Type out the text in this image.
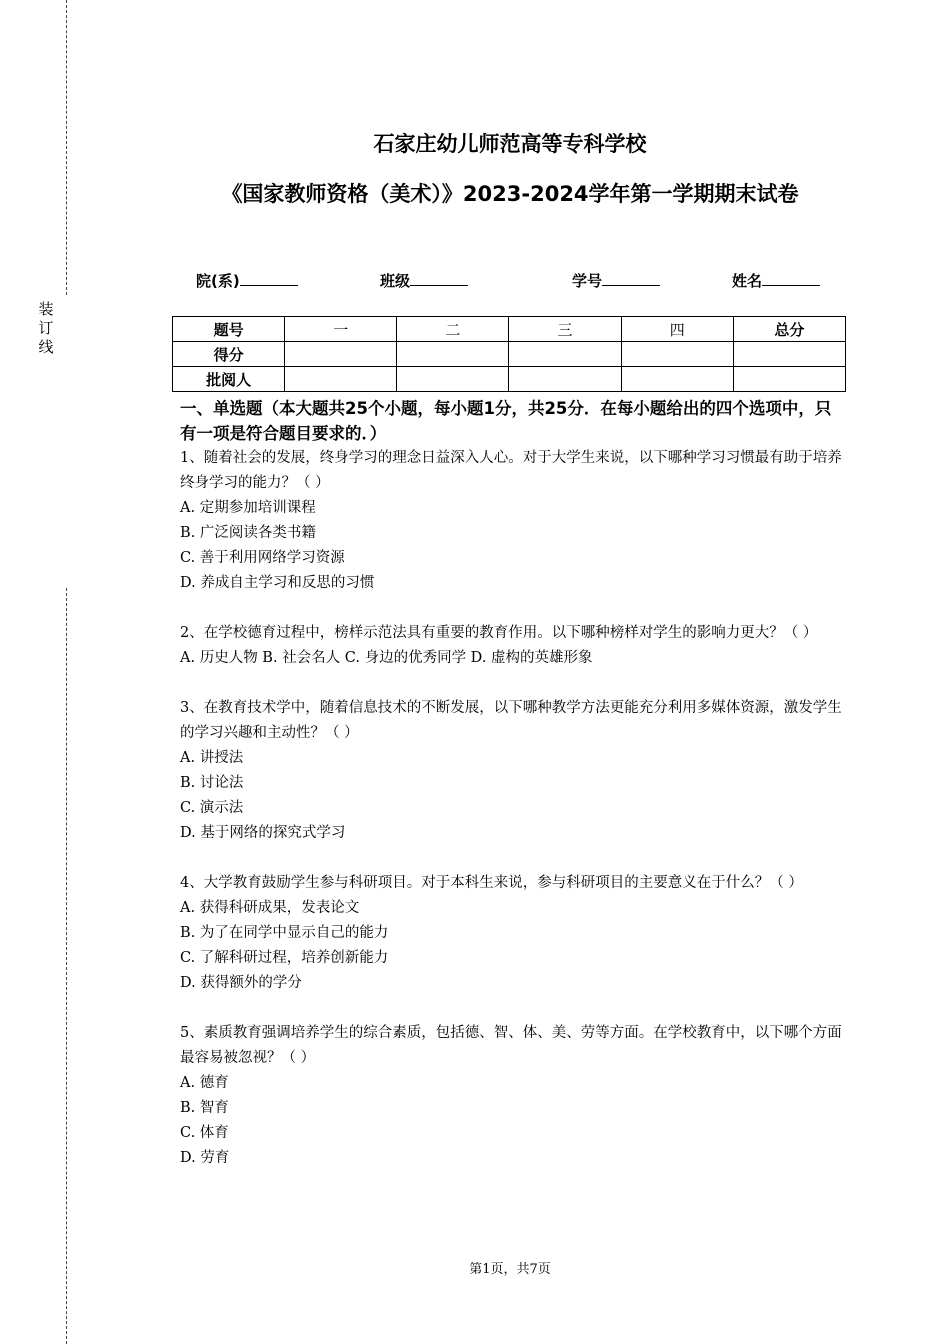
装订线
石家庄幼儿师范高等专科学校
《国家教师资格（美术）》2023-2024学年第一学期期末试卷
院(系)	班级	学号	姓名
题号	一	二	三	四	总分
得分					
批阅人					

一、单选题（本大题共25个小题，每小题1分，共25分．在每小题给出的四个选项中，只有一项是符合题目要求的．）

1、随着社会的发展，终身学习的理念日益深入人心。对于大学生来说，以下哪种学习习惯最有助于培养终身学习的能力？（ ）

A. 定期参加培训课程

B. 广泛阅读各类书籍

C. 善于利用网络学习资源

D. 养成自主学习和反思的习惯

2、在学校德育过程中，榜样示范法具有重要的教育作用。以下哪种榜样对学生的影响力更大？（ ）

A. 历史人物 B. 社会名人 C. 身边的优秀同学 D. 虚构的英雄形象

3、在教育技术学中，随着信息技术的不断发展，以下哪种教学方法更能充分利用多媒体资源，激发学生的学习兴趣和主动性？（ ）

A. 讲授法

B. 讨论法

C. 演示法

D. 基于网络的探究式学习

4、大学教育鼓励学生参与科研项目。对于本科生来说，参与科研项目的主要意义在于什么？（ ）

A. 获得科研成果，发表论文

B. 为了在同学中显示自己的能力

C. 了解科研过程，培养创新能力

D. 获得额外的学分

5、素质教育强调培养学生的综合素质，包括德、智、体、美、劳等方面。在学校教育中，以下哪个方面最容易被忽视？（ ）

A. 德育

B. 智育

C. 体育

D. 劳育

第1页，共7页
